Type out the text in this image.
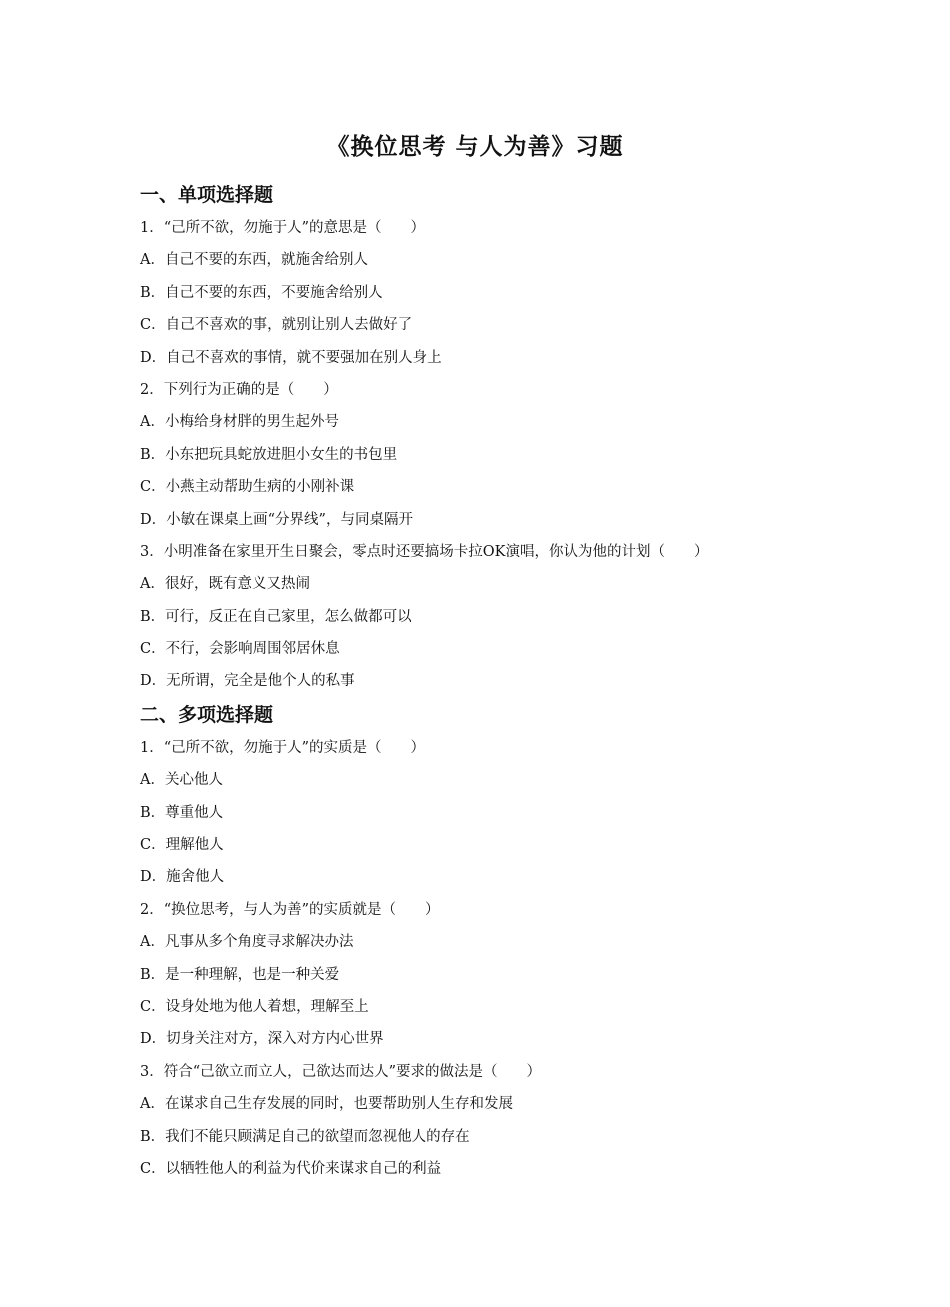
《换位思考 与人为善》习题
一、单项选择题

1．“己所不欲，勿施于人”的意思是（　　）

A．自己不要的东西，就施舍给别人

B．自己不要的东西，不要施舍给别人

C．自己不喜欢的事，就别让别人去做好了

D．自己不喜欢的事情，就不要强加在别人身上

2．下列行为正确的是（　　）

A．小梅给身材胖的男生起外号

B．小东把玩具蛇放进胆小女生的书包里

C．小燕主动帮助生病的小刚补课

D．小敏在课桌上画“分界线”，与同桌隔开

3．小明准备在家里开生日聚会，零点时还要搞场卡拉OK演唱，你认为他的计划（　　）

A．很好，既有意义又热闹

B．可行，反正在自己家里，怎么做都可以

C．不行，会影响周围邻居休息

D．无所谓，完全是他个人的私事

二、多项选择题

1．“己所不欲，勿施于人”的实质是（　　）

A．关心他人

B．尊重他人

C．理解他人

D．施舍他人

2．“换位思考，与人为善”的实质就是（　　）

A．凡事从多个角度寻求解决办法

B．是一种理解，也是一种关爱

C．设身处地为他人着想，理解至上

D．切身关注对方，深入对方内心世界

3．符合“己欲立而立人，己欲达而达人”要求的做法是（　　）

A．在谋求自己生存发展的同时，也要帮助别人生存和发展

B．我们不能只顾满足自己的欲望而忽视他人的存在

C．以牺牲他人的利益为代价来谋求自己的利益
